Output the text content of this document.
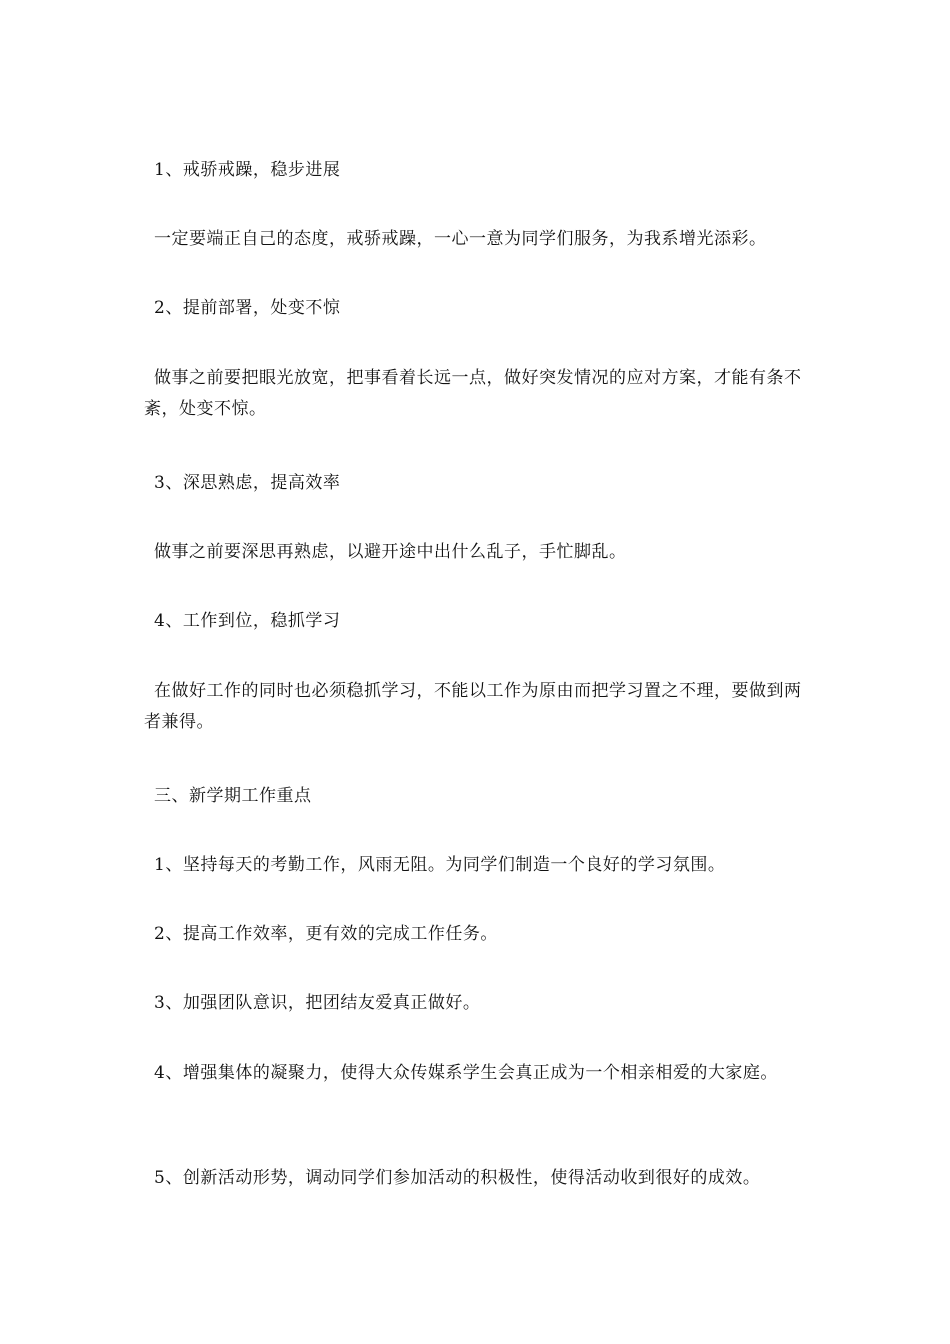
1、戒骄戒躁，稳步进展

一定要端正自己的态度，戒骄戒躁，一心一意为同学们服务，为我系增光添彩。

2、提前部署，处变不惊

做事之前要把眼光放宽，把事看着长远一点，做好突发情况的应对方案，才能有条不紊，处变不惊。

3、深思熟虑，提高效率

做事之前要深思再熟虑，以避开途中出什么乱子，手忙脚乱。

4、工作到位，稳抓学习

在做好工作的同时也必须稳抓学习，不能以工作为原由而把学习置之不理，要做到两者兼得。

三、新学期工作重点

1、坚持每天的考勤工作，风雨无阻。为同学们制造一个良好的学习氛围。

2、提高工作效率，更有效的完成工作任务。

3、加强团队意识，把团结友爱真正做好。

4、增强集体的凝聚力，使得大众传媒系学生会真正成为一个相亲相爱的大家庭。

5、创新活动形势，调动同学们参加活动的积极性，使得活动收到很好的成效。
